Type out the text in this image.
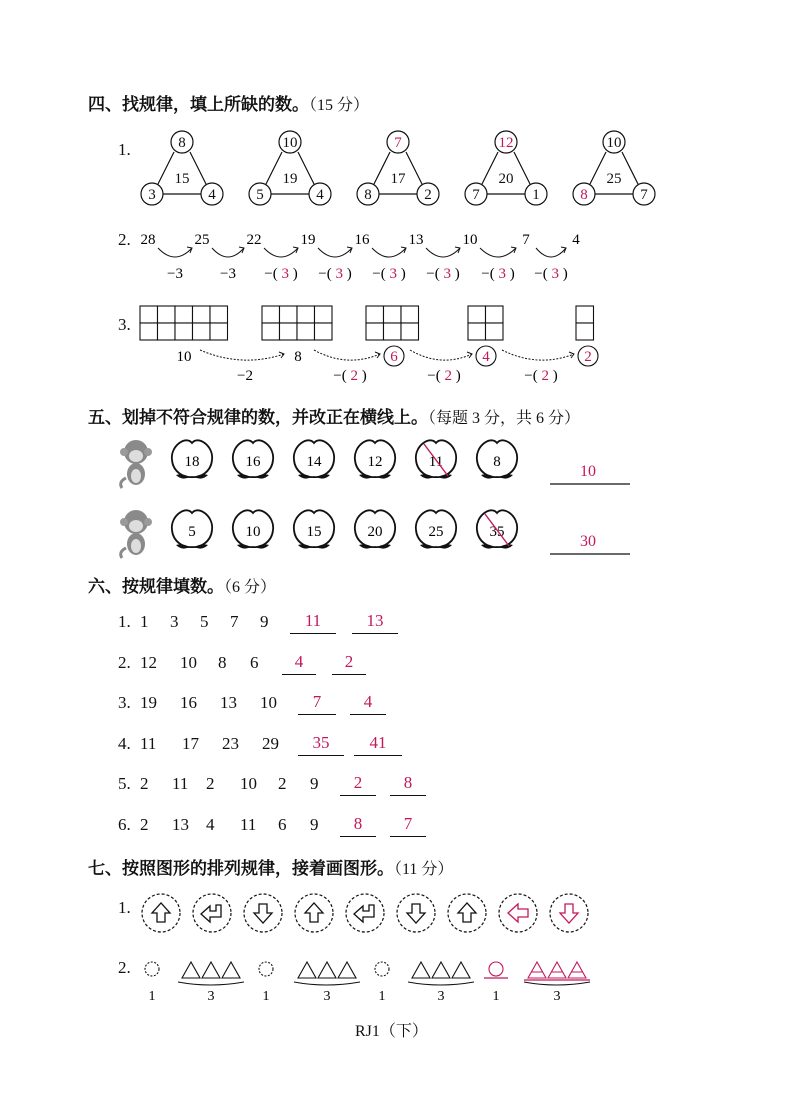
四、找规律，填上所缺的数。（15 分）
1.	8
3	4
15
10
5	4
19
7
8	2
17
12
7	1
20
10
8	7
25
2. 28	25 22	19	16	13	10	7	4
−3 −3 −( 3 ) −( 3 ) −( 3 ) −( 3 ) −( 3 ) −( 3 )
3.
10	8	6	4	2
−2	−( 2 )	−( 2 )	−( 2 )
五、划掉不符合规律的数，并改正在横线上。（每题 3 分，共 6 分）
18	16	14	12	11	8
10
5	10	15	20	25	35
30
六、按规律填数。（6 分）
1. 1 3 5 7 9	11	13
2. 12 10 8 6	4	2
3. 19 16 13 10	7	4
4. 11 17 23 29	35	41
5. 2 11 2 10 2 9	2	8
6. 2 13 4 11 6 9	8	7
七、按照图形的排列规律，接着画图形。（11 分）
1.
2.
1	3	1	3	1	3	1	3
RJ1（下）
